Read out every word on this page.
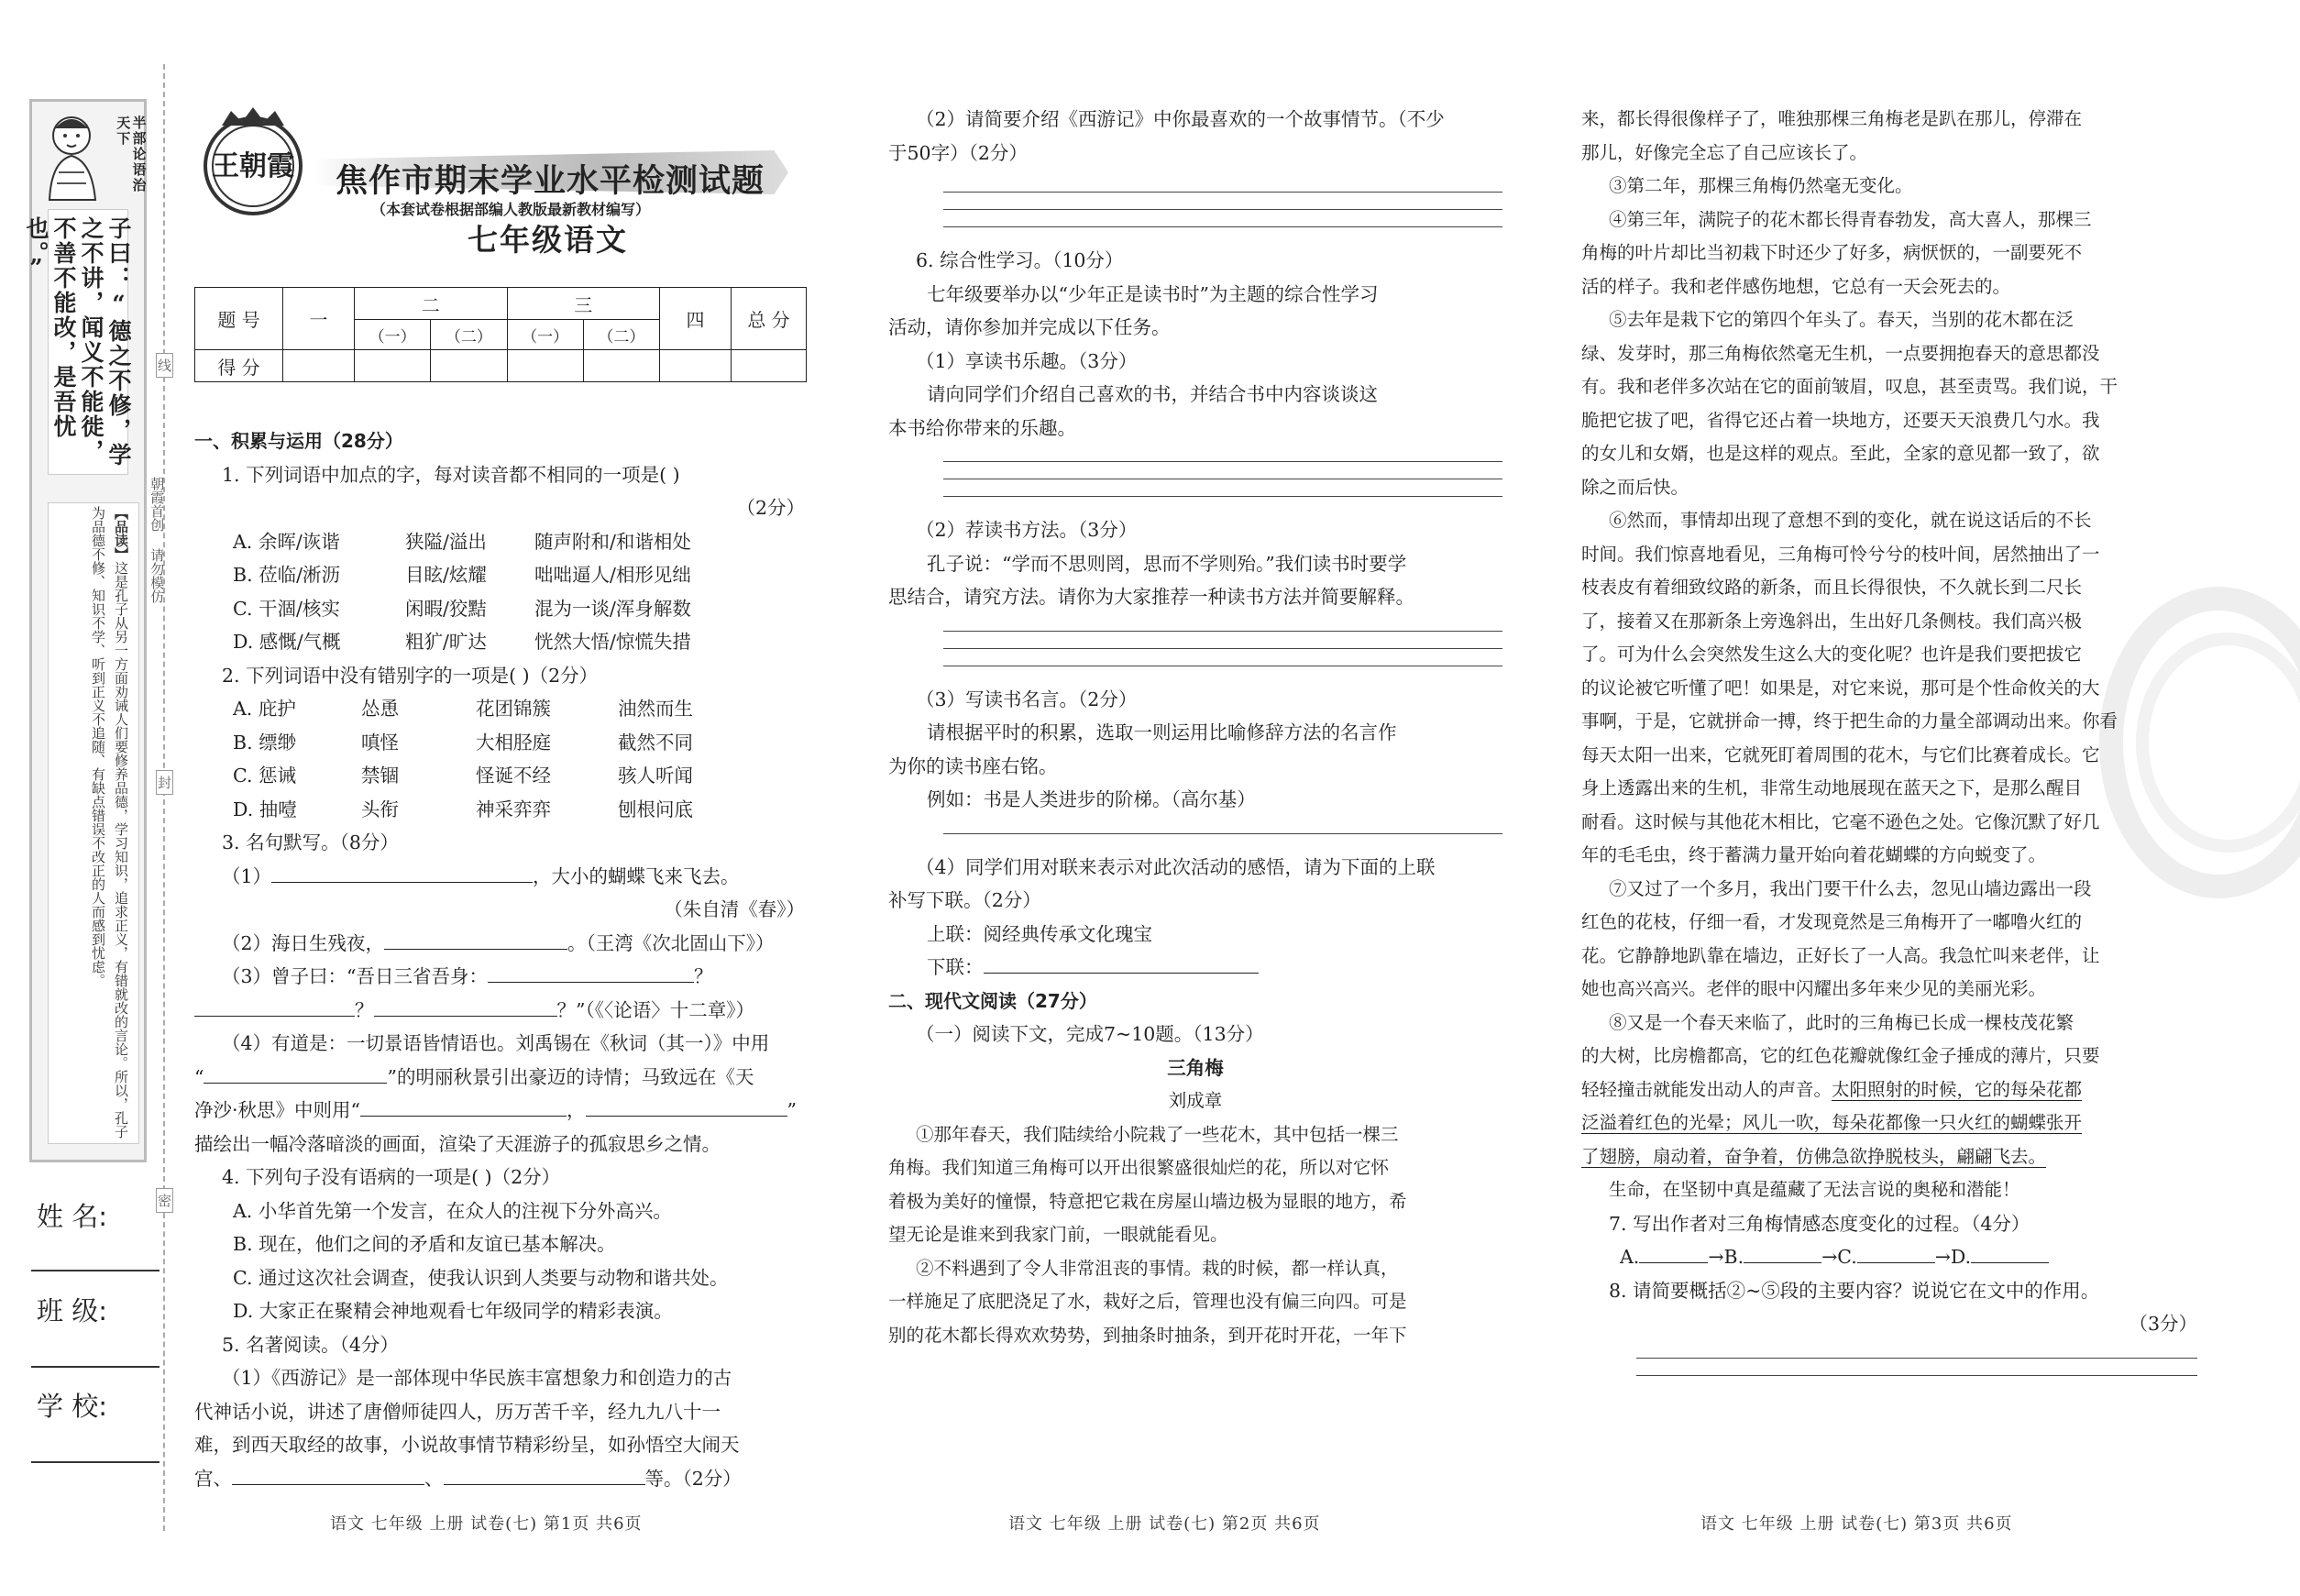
半部论语治天下
子曰：“德之不修，学之不讲，闻义不能徙，不善不能改，是吾忧也。”
【品读】这是孔子从另一方面劝诫人们要修养品德，学习知识，追求正义，有错就改的言论。所以，孔子为品德不修、知识不学、听到正义不追随、有缺点错误不改正的人而感到忧虑。
姓 名:
班 级:
学 校:
线
封
密
朝霞首创 请勿模仿
王朝霞 焦作市期末学业水平检测试题
（本套试卷根据部编人教版最新教材编写）
七年级语文
题 号	一	二		三		四	总 分
		（一）	（二）	（一）	（二）		
得 分							
一、积累与运用（28分）
1. 下列词语中加点的字，每对读音都不相同的一项是( )
（2分）
A. 余晖/诙谐	狭隘/溢出	随声附和/和谐相处
B. 莅临/淅沥	目眩/炫耀	咄咄逼人/相形见绌
C. 干涸/核实	闲暇/狡黠	混为一谈/浑身解数
D. 感慨/气概	粗犷/旷达	恍然大悟/惊慌失措
2. 下列词语中没有错别字的一项是( )（2分）
A. 庇护	怂恿	花团锦簇	油然而生
B. 缥缈	嗔怪	大相胫庭	截然不同
C. 惩诫	禁锢	怪诞不经	骇人听闻
D. 抽噎	头衔	神采弈弈	刨根问底
3. 名句默写。（8分）
（1）	，大小的蝴蝶飞来飞去。
（朱自清《春》）
（2）海日生残夜，	。（王湾《次北固山下》）
（3）曾子曰：“吾日三省吾身：	？
？	？”（《〈论语〉十二章》）
（4）有道是：一切景语皆情语也。刘禹锡在《秋词（其一）》中用
“	”的明丽秋景引出豪迈的诗情；马致远在《天
净沙·秋思》中则用“	，	”
描绘出一幅冷落暗淡的画面，渲染了天涯游子的孤寂思乡之情。
4. 下列句子没有语病的一项是( )（2分）
A. 小华首先第一个发言，在众人的注视下分外高兴。
B. 现在，他们之间的矛盾和友谊已基本解决。
C. 通过这次社会调查，使我认识到人类要与动物和谐共处。
D. 大家正在聚精会神地观看七年级同学的精彩表演。
5. 名著阅读。（4分）
（1）《西游记》是一部体现中华民族丰富想象力和创造力的古
代神话小说，讲述了唐僧师徒四人，历万苦千辛，经九九八十一
难，到西天取经的故事，小说故事情节精彩纷呈，如孙悟空大闹天
宫、	、	等。（2分）
语文 七年级 上册 试卷(七) 第1页 共6页
（2）请简要介绍《西游记》中你最喜欢的一个故事情节。（不少
于50字）（2分）
6. 综合性学习。（10分）
七年级要举办以“少年正是读书时”为主题的综合性学习
活动，请你参加并完成以下任务。
（1）享读书乐趣。（3分）
请向同学们介绍自己喜欢的书，并结合书中内容谈谈这
本书给你带来的乐趣。
（2）荐读书方法。（3分）
孔子说：“学而不思则罔，思而不学则殆。”我们读书时要学
思结合，请究方法。请你为大家推荐一种读书方法并简要解释。
（3）写读书名言。（2分）
请根据平时的积累，选取一则运用比喻修辞方法的名言作
为你的读书座右铭。
例如：书是人类进步的阶梯。（高尔基）
（4）同学们用对联来表示对此次活动的感悟，请为下面的上联
补写下联。（2分）
上联：阅经典传承文化瑰宝
下联：
二、现代文阅读（27分）
（一）阅读下文，完成7~10题。（13分）
三角梅
刘成章
①那年春天，我们陆续给小院栽了一些花木，其中包括一棵三
角梅。我们知道三角梅可以开出很繁盛很灿烂的花，所以对它怀
着极为美好的憧憬，特意把它栽在房屋山墙边极为显眼的地方，希
望无论是谁来到我家门前，一眼就能看见。
②不料遇到了令人非常沮丧的事情。栽的时候，都一样认真，
一样施足了底肥浇足了水，栽好之后，管理也没有偏三向四。可是
别的花木都长得欢欢势势，到抽条时抽条，到开花时开花，一年下
语文 七年级 上册 试卷(七) 第2页 共6页
来，都长得很像样子了，唯独那棵三角梅老是趴在那儿，停滞在
那儿，好像完全忘了自己应该长了。
③第二年，那棵三角梅仍然毫无变化。
④第三年，满院子的花木都长得青春勃发，高大喜人，那棵三
角梅的叶片却比当初栽下时还少了好多，病恹恹的，一副要死不
活的样子。我和老伴感伤地想，它总有一天会死去的。
⑤去年是栽下它的第四个年头了。春天，当别的花木都在泛
绿、发芽时，那三角梅依然毫无生机，一点要拥抱春天的意思都没
有。我和老伴多次站在它的面前皱眉，叹息，甚至责骂。我们说，干
脆把它拔了吧，省得它还占着一块地方，还要天天浪费几勺水。我
的女儿和女婿，也是这样的观点。至此，全家的意见都一致了，欲
除之而后快。
⑥然而，事情却出现了意想不到的变化，就在说这话后的不长
时间。我们惊喜地看见，三角梅可怜兮兮的枝叶间，居然抽出了一
枝表皮有着细致纹路的新条，而且长得很快，不久就长到二尺长
了，接着又在那新条上旁逸斜出，生出好几条侧枝。我们高兴极
了。可为什么会突然发生这么大的变化呢？也许是我们要把拔它
的议论被它听懂了吧！如果是，对它来说，那可是个性命攸关的大
事啊，于是，它就拼命一搏，终于把生命的力量全部调动出来。你看
每天太阳一出来，它就死盯着周围的花木，与它们比赛着成长。它
身上透露出来的生机，非常生动地展现在蓝天之下，是那么醒目
耐看。这时候与其他花木相比，它毫不逊色之处。它像沉默了好几
年的毛毛虫，终于蓄满力量开始向着花蝴蝶的方向蜕变了。
⑦又过了一个多月，我出门要干什么去，忽见山墙边露出一段
红色的花枝，仔细一看，才发现竟然是三角梅开了一嘟噜火红的
花。它静静地趴靠在墙边，正好长了一人高。我急忙叫来老伴，让
她也高兴高兴。老伴的眼中闪耀出多年来少见的美丽光彩。
⑧又是一个春天来临了，此时的三角梅已长成一棵枝茂花繁
的大树，比房檐都高，它的红色花瓣就像红金子捶成的薄片，只要
轻轻撞击就能发出动人的声音。太阳照射的时候，它的每朵花都
泛溢着红色的光晕；风儿一吹，每朵花都像一只火红的蝴蝶张开
了翅膀，扇动着，奋争着，仿佛急欲挣脱枝头，翩翩飞去。
生命，在坚韧中真是蕴藏了无法言说的奥秘和潜能！
7. 写出作者对三角梅情感态度变化的过程。（4分）
A.	→B.	→C.	→D.
8. 请简要概括②~⑤段的主要内容？说说它在文中的作用。
（3分）
语文 七年级 上册 试卷(七) 第3页 共6页
